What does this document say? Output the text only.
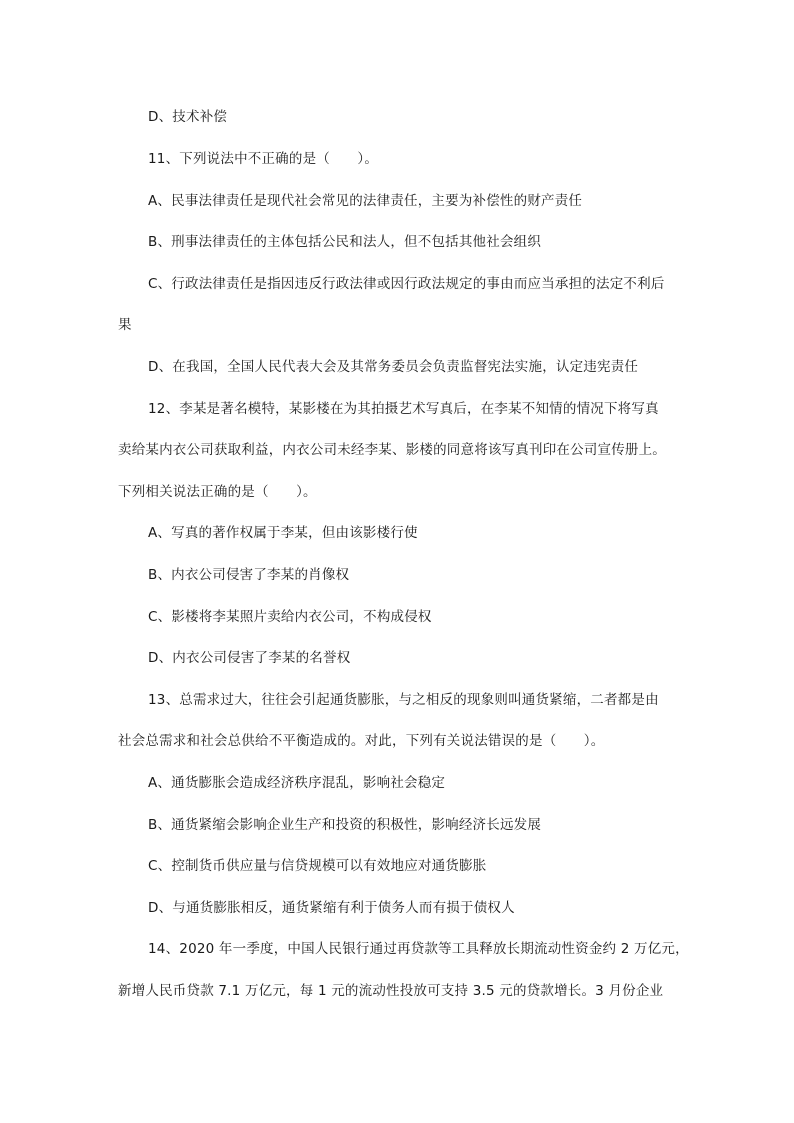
D、技术补偿
11、下列说法中不正确的是（　　）。
A、民事法律责任是现代社会常见的法律责任，主要为补偿性的财产责任
B、刑事法律责任的主体包括公民和法人，但不包括其他社会组织
C、行政法律责任是指因违反行政法律或因行政法规定的事由而应当承担的法定不利后
果
D、在我国，全国人民代表大会及其常务委员会负责监督宪法实施，认定违宪责任
12、李某是著名模特，某影楼在为其拍摄艺术写真后，在李某不知情的情况下将写真
卖给某内衣公司获取利益，内衣公司未经李某、影楼的同意将该写真刊印在公司宣传册上。
下列相关说法正确的是（　　）。
A、写真的著作权属于李某，但由该影楼行使
B、内衣公司侵害了李某的肖像权
C、影楼将李某照片卖给内衣公司，不构成侵权
D、内衣公司侵害了李某的名誉权
13、总需求过大，往往会引起通货膨胀，与之相反的现象则叫通货紧缩，二者都是由
社会总需求和社会总供给不平衡造成的。对此，下列有关说法错误的是（　　）。
A、通货膨胀会造成经济秩序混乱，影响社会稳定
B、通货紧缩会影响企业生产和投资的积极性，影响经济长远发展
C、控制货币供应量与信贷规模可以有效地应对通货膨胀
D、与通货膨胀相反，通货紧缩有利于债务人而有损于债权人
14、2020 年一季度，中国人民银行通过再贷款等工具释放长期流动性资金约 2 万亿元，
新增人民币贷款 7.1 万亿元，每 1 元的流动性投放可支持 3.5 元的贷款增长。3 月份企业
